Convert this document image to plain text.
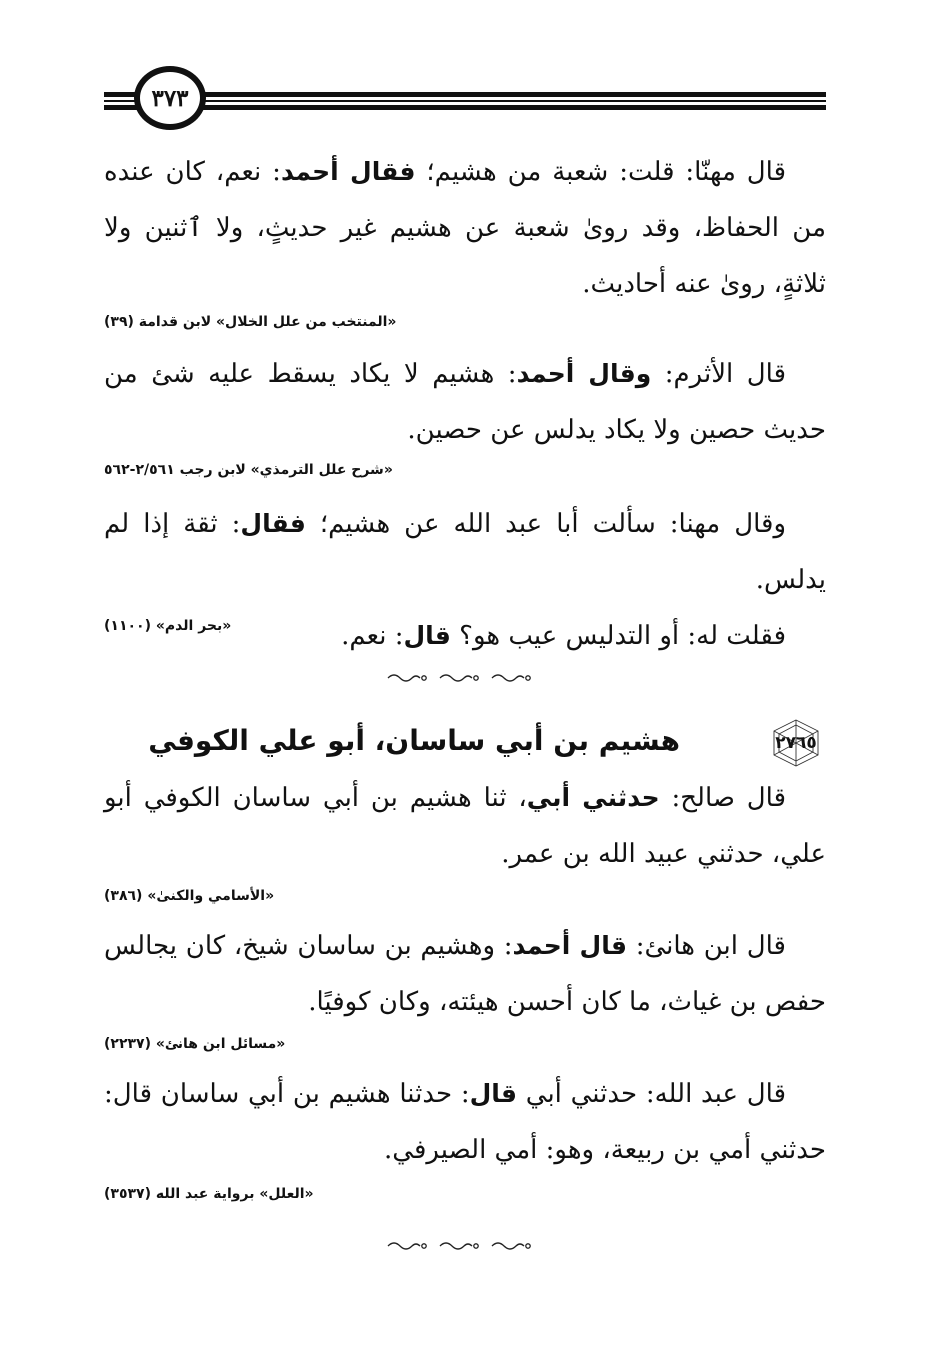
٣٧٣

قال مهنّا: قلت: شعبة من هشيم؛ فقال أحمد: نعم، كان عنده من الحفاظ، وقد روىٰ شعبة عن هشيم غير حديثٍ، ولا ٱثنين ولا ثلاثةٍ، روىٰ عنه أحاديث.

«المنتخب من علل الخلال» لابن قدامة (٣٩)

قال الأثرم: وقال أحمد: هشيم لا يكاد يسقط عليه شئ من حديث حصين ولا يكاد يدلس عن حصين.

«شرح علل الترمذي» لابن رجب ٢/٥٦١-٥٦٢

وقال مهنا: سألت أبا عبد الله عن هشيم؛ فقال: ثقة إذا لم يدلس.

فقلت له: أو التدليس عيب هو؟ قال: نعم.

«بحر الدم» (١١٠٠)
٢٧٦٥
هشيم بن أبي ساسان، أبو علي الكوفي

قال صالح: حدثني أبي، ثنا هشيم بن أبي ساسان الكوفي أبو علي، حدثني عبيد الله بن عمر.

«الأسامي والكنىٰ» (٣٨٦)

قال ابن هانئ: قال أحمد: وهشيم بن ساسان شيخ، كان يجالس حفص بن غياث، ما كان أحسن هيئته، وكان كوفيًا.

«مسائل ابن هانئ» (٢٢٣٧)

قال عبد الله: حدثني أبي قال: حدثنا هشيم بن أبي ساسان قال: حدثني أمي بن ربيعة، وهو: أمي الصيرفي.

«العلل» برواية عبد الله (٣٥٣٧)
